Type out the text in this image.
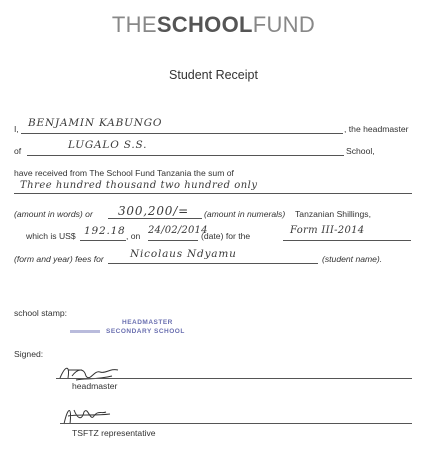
THESCHOOLFUND
Student Receipt
I, BENJAMIN KABUNGO	, the headmaster
of	LUGALO S.S.	School,
have received from The School Fund Tanzania the sum of
Three hundred thousand two hundred only
(amount in words) or 300,200/= (amount in numerals) Tanzanian Shillings,
which is US$ 192.18 , on 24/02/2014
(date) for the	Form III-2014
(form and year) fees for Nicolaus Ndyamu	(student name).
school stamp:
HEADMASTER
SECONDARY SCHOOL
Signed:
headmaster
TSFTZ representative
